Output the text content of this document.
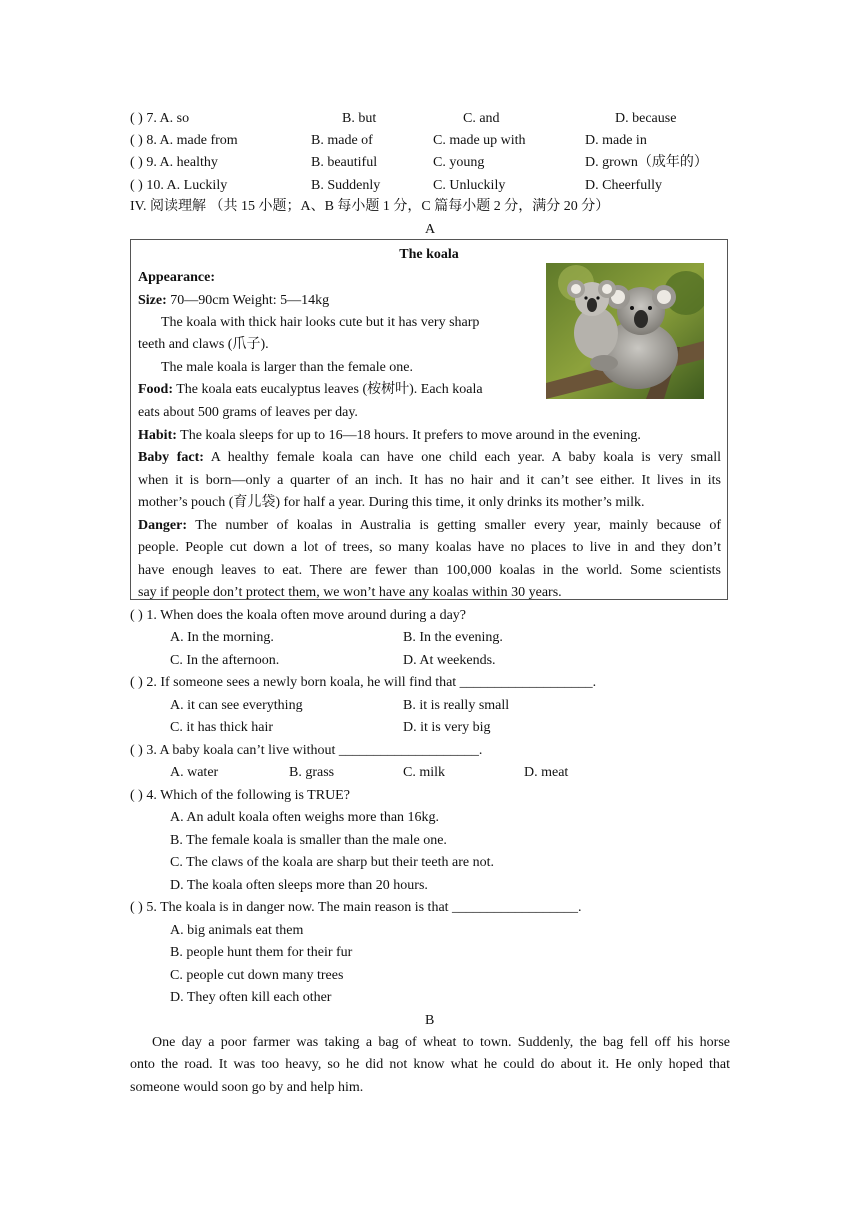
( ) 7. A. so	B. but	C. and	D. because
( ) 8. A. made from	B. made of	C. made up with	D. made in
( ) 9. A. healthy	B. beautiful	C. young	D. grown（成年的）
( ) 10. A. Luckily	B. Suddenly	C. Unluckily	D. Cheerfully
IV. 阅读理解 （共 15 小题；A、B 每小题 1 分，C 篇每小题 2 分，满分 20 分）
A
The koala
Appearance:
Size: 70—90cm Weight: 5—14kg
The koala with thick hair looks cute but it has very sharp
teeth and claws (爪子).
The male koala is larger than the female one.
Food: The koala eats eucalyptus leaves (桉树叶). Each koala
eats about 500 grams of leaves per day.
Habit: The koala sleeps for up to 16—18 hours. It prefers to move around in the evening.
Baby fact: A healthy female koala can have one child each year. A baby koala is very small
when it is born—only a quarter of an inch. It has no hair and it can’t see either. It lives in its
mother’s pouch (育儿袋) for half a year. During this time, it only drinks its mother’s milk.
Danger: The number of koalas in Australia is getting smaller every year, mainly because of
people. People cut down a lot of trees, so many koalas have no places to live in and they don’t
have enough leaves to eat. There are fewer than 100,000 koalas in the world. Some scientists
say if people don’t protect them, we won’t have any koalas within 30 years.
( ) 1. When does the koala often move around during a day?
A. In the morning.	B. In the evening.
C. In the afternoon.	D. At weekends.
( ) 2. If someone sees a newly born koala, he will find that ___________________.
A. it can see everything	B. it is really small
C. it has thick hair	D. it is very big
( ) 3. A baby koala can’t live without ____________________.
A. water	B. grass	C. milk	D. meat
( ) 4. Which of the following is TRUE?
A. An adult koala often weighs more than 16kg.
B. The female koala is smaller than the male one.
C. The claws of the koala are sharp but their teeth are not.
D. The koala often sleeps more than 20 hours.
( ) 5. The koala is in danger now. The main reason is that __________________.
A. big animals eat them
B. people hunt them for their fur
C. people cut down many trees
D. They often kill each other
B
One day a poor farmer was taking a bag of wheat to town. Suddenly, the bag fell off his horse
onto the road. It was too heavy, so he did not know what he could do about it. He only hoped that
someone would soon go by and help him.
